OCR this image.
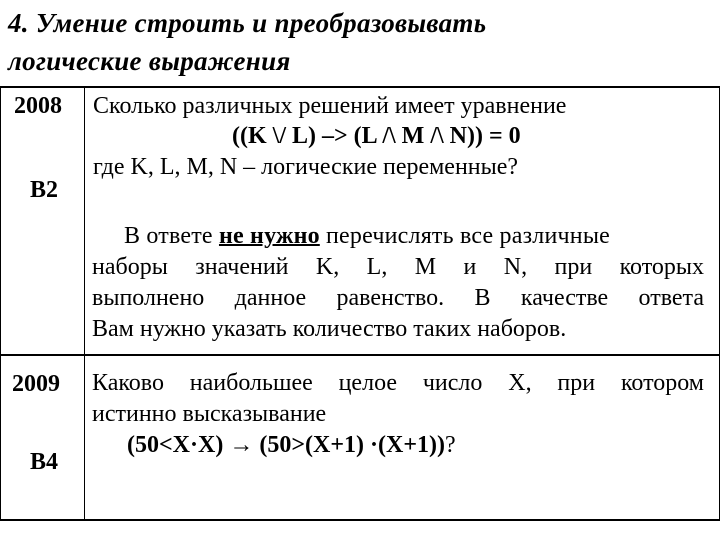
4. Умение строить и преобразовывать
логические выражения
2008
B2
Сколько различных решений имеет уравнение
((K \/ L) –> (L /\ M /\ N)) = 0
где K, L, M, N – логические переменные?
В ответе не нужно перечислять все различные
наборы значений K, L, M и N, при которых
выполнено данное равенство. В качестве ответа
Вам нужно указать количество таких наборов.
2009
B4
Каково наибольшее целое число X, при котором
истинно высказывание
(50<X·X) → (50>(X+1) ·(X+1))?
